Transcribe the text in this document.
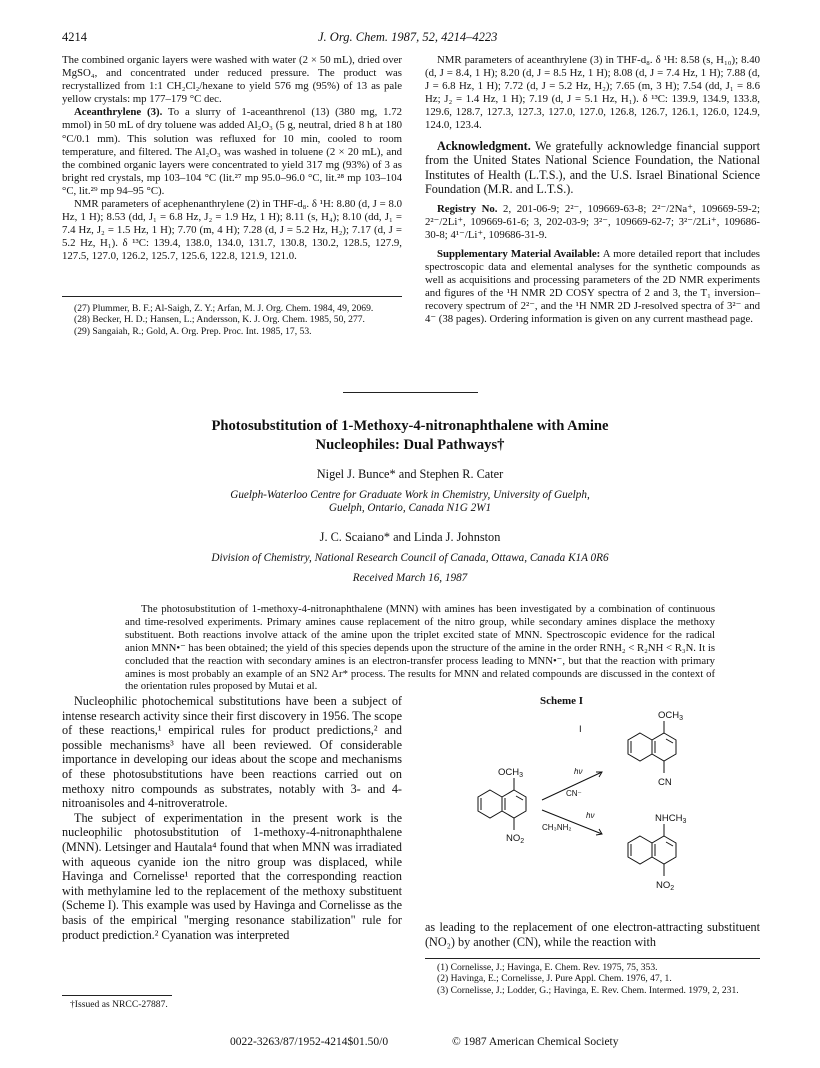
4214	J. Org. Chem. 1987, 52, 4214–4223

The combined organic layers were washed with water (2 × 50 mL), dried over MgSO₄, and concentrated under reduced pressure. The product was recrystallized from 1:1 CH₂Cl₂/hexane to yield 576 mg (95%) of 13 as pale yellow crystals: mp 177–179 °C dec.

Aceanthrylene (3). To a slurry of 1-aceanthrenol (13) (380 mg, 1.72 mmol) in 50 mL of dry toluene was added Al₂O₃ (5 g, neutral, dried 8 h at 180 °C/0.1 mm). This solution was refluxed for 10 min, cooled to room temperature, and filtered. The Al₂O₃ was washed in toluene (2 × 20 mL), and the combined organic layers were concentrated to yield 317 mg (93%) of 3 as bright red crystals, mp 103–104 °C (lit.²⁷ mp 95.0–96.0 °C, lit.²⁸ mp 103–104 °C, lit.²⁹ mp 94–95 °C).

NMR parameters of acephenanthrylene (2) in THF-d₈. δ ¹H: 8.80 (d, J = 8.0 Hz, 1 H); 8.53 (dd, J₁ = 6.8 Hz, J₂ = 1.9 Hz, 1 H); 8.11 (s, H₄); 8.10 (dd, J₁ = 7.4 Hz, J₂ = 1.5 Hz, 1 H); 7.70 (m, 4 H); 7.28 (d, J = 5.2 Hz, H₂); 7.17 (d, J = 5.2 Hz, H₁). δ ¹³C: 139.4, 138.0, 134.0, 131.7, 130.8, 130.2, 128.5, 127.9, 127.5, 127.0, 126.2, 125.7, 125.6, 122.8, 121.9, 121.0.

(27) Plummer, B. F.; Al-Saigh, Z. Y.; Arfan, M. J. Org. Chem. 1984, 49, 2069.

(28) Becker, H. D.; Hansen, L.; Andersson, K. J. Org. Chem. 1985, 50, 277.

(29) Sangaiah, R.; Gold, A. Org. Prep. Proc. Int. 1985, 17, 53.

NMR parameters of aceanthrylene (3) in THF-d₈. δ ¹H: 8.58 (s, H₁₀); 8.40 (d, J = 8.4, 1 H); 8.20 (d, J = 8.5 Hz, 1 H); 8.08 (d, J = 7.4 Hz, 1 H); 7.88 (d, J = 6.8 Hz, 1 H); 7.72 (d, J = 5.2 Hz, H₂); 7.65 (m, 3 H); 7.54 (dd, J₁ = 8.6 Hz; J₂ = 1.4 Hz, 1 H); 7.19 (d, J = 5.1 Hz, H₁). δ ¹³C: 139.9, 134.9, 133.8, 129.6, 128.7, 127.3, 127.3, 127.0, 127.0, 126.8, 126.7, 126.1, 126.0, 124.9, 124.0, 123.4.

Acknowledgment. We gratefully acknowledge financial support from the United States National Science Foundation, the National Institutes of Health (L.T.S.), and the U.S. Israel Binational Science Foundation (M.R. and L.T.S.).

Registry No. 2, 201-06-9; 2²⁻, 109669-63-8; 2²⁻/2Na⁺, 109669-59-2; 2²⁻/2Li⁺, 109669-61-6; 3, 202-03-9; 3²⁻, 109669-62-7; 3²⁻/2Li⁺, 109686-30-8; 4¹⁻/Li⁺, 109686-31-9.

Supplementary Material Available: A more detailed report that includes spectroscopic data and elemental analyses for the synthetic compounds as well as acquisitions and processing parameters of the 2D NMR experiments and figures of the ¹H NMR 2D COSY spectra of 2 and 3, the T₁ inversion–recovery spectrum of 2²⁻, and the ¹H NMR 2D J-resolved spectra of 3²⁻ and 4⁻ (38 pages). Ordering information is given on any current masthead page.

Photosubstitution of 1-Methoxy-4-nitronaphthalene with Amine
Nucleophiles: Dual Pathways†
Nigel J. Bunce* and Stephen R. Cater
Guelph-Waterloo Centre for Graduate Work in Chemistry, University of Guelph,
Guelph, Ontario, Canada N1G 2W1
J. C. Scaiano* and Linda J. Johnston
Division of Chemistry, National Research Council of Canada, Ottawa, Canada K1A 0R6
Received March 16, 1987

The photosubstitution of 1-methoxy-4-nitronaphthalene (MNN) with amines has been investigated by a combination of continuous and time-resolved experiments. Primary amines cause replacement of the nitro group, while secondary amines displace the methoxy substituent. Both reactions involve attack of the amine upon the triplet excited state of MNN. Spectroscopic evidence for the radical anion MNN•⁻ has been obtained; the yield of this species depends upon the structure of the amine in the order RNH₂ < R₂NH < R₃N. It is concluded that the reaction with secondary amines is an electron-transfer process leading to MNN•⁻, but that the reaction with primary amines is most probably an example of an SN2 Ar* process. The results for MNN and related compounds are discussed in the context of the orientation rules proposed by Mutai et al.

Nucleophilic photochemical substitutions have been a subject of intense research activity since their first discovery in 1956. The scope of these reactions,¹ empirical rules for product predictions,² and possible mechanisms³ have all been reviewed. Of considerable importance in developing our ideas about the scope and mechanisms of these photosubstitutions have been reactions carried out on methoxy nitro compounds as substrates, notably with 3- and 4-nitroanisoles and 4-nitroveratrole.

The subject of experimentation in the present work is the nucleophilic photosubstitution of 1-methoxy-4-nitronaphthalene (MNN). Letsinger and Hautala⁴ found that when MNN was irradiated with aqueous cyanide ion the nitro group was displaced, while Havinga and Cornelisse¹ reported that the corresponding reaction with methylamine led to the replacement of the methoxy substituent (Scheme I). This example was used by Havinga and Cornelisse as the basis of the empirical "merging resonance stabilization" rule for product prediction.² Cyanation was interpreted

†Issued as NRCC-27887.
Scheme I
$OCH_3$
I
$OCH_3$	hν
CN⁻
CN
hν
CH₃NH₂
$NHCH_3$
$NO_2$
$NO_2$

as leading to the replacement of one electron-attracting substituent (NO₂) by another (CN), while the reaction with

(1) Cornelisse, J.; Havinga, E. Chem. Rev. 1975, 75, 353.

(2) Havinga, E.; Cornelisse, J. Pure Appl. Chem. 1976, 47, 1.

(3) Cornelisse, J.; Lodder, G.; Havinga, E. Rev. Chem. Intermed. 1979, 2, 231.

0022-3263/87/1952-4214$01.50/0	© 1987 American Chemical Society
